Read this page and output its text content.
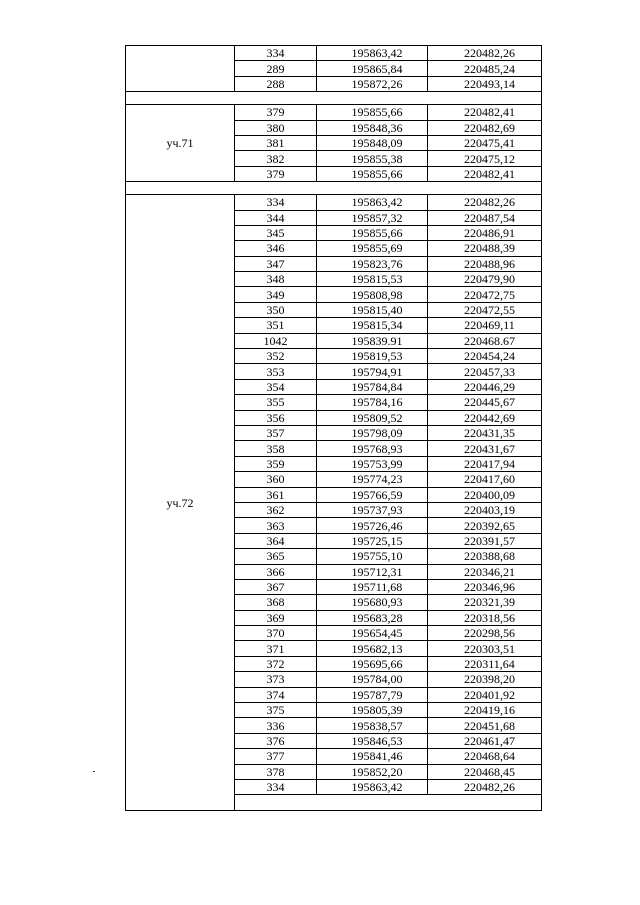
	334	195863,42	220482,26
	289	195865,84	220485,24
	288	195872,26	220493,14

уч.71	379	195855,66	220482,41
	380	195848,36	220482,69
	381	195848,09	220475,41
	382	195855,38	220475,12
	379	195855,66	220482,41

уч.72	334	195863,42	220482,26
	344	195857,32	220487,54
	345	195855,66	220486,91
	346	195855,69	220488,39
	347	195823,76	220488,96
	348	195815,53	220479,90
	349	195808,98	220472,75
	350	195815,40	220472,55
	351	195815,34	220469,11
	1042	195839.91	220468.67
	352	195819,53	220454,24
	353	195794,91	220457,33
	354	195784,84	220446,29
	355	195784,16	220445,67
	356	195809,52	220442,69
	357	195798,09	220431,35
	358	195768,93	220431,67
	359	195753,99	220417,94
	360	195774,23	220417,60
	361	195766,59	220400,09
	362	195737,93	220403,19
	363	195726,46	220392,65
	364	195725,15	220391,57
	365	195755,10	220388,68
	366	195712,31	220346,21
	367	195711,68	220346,96
	368	195680,93	220321,39
	369	195683,28	220318,56
	370	195654,45	220298,56
	371	195682,13	220303,51
	372	195695,66	220311,64
	373	195784,00	220398,20
	374	195787,79	220401,92
	375	195805,39	220419,16
	336	195838,57	220451,68
	376	195846,53	220461,47
	377	195841,46	220468,64
	378	195852,20	220468,45
	334	195863,42	220482,26
